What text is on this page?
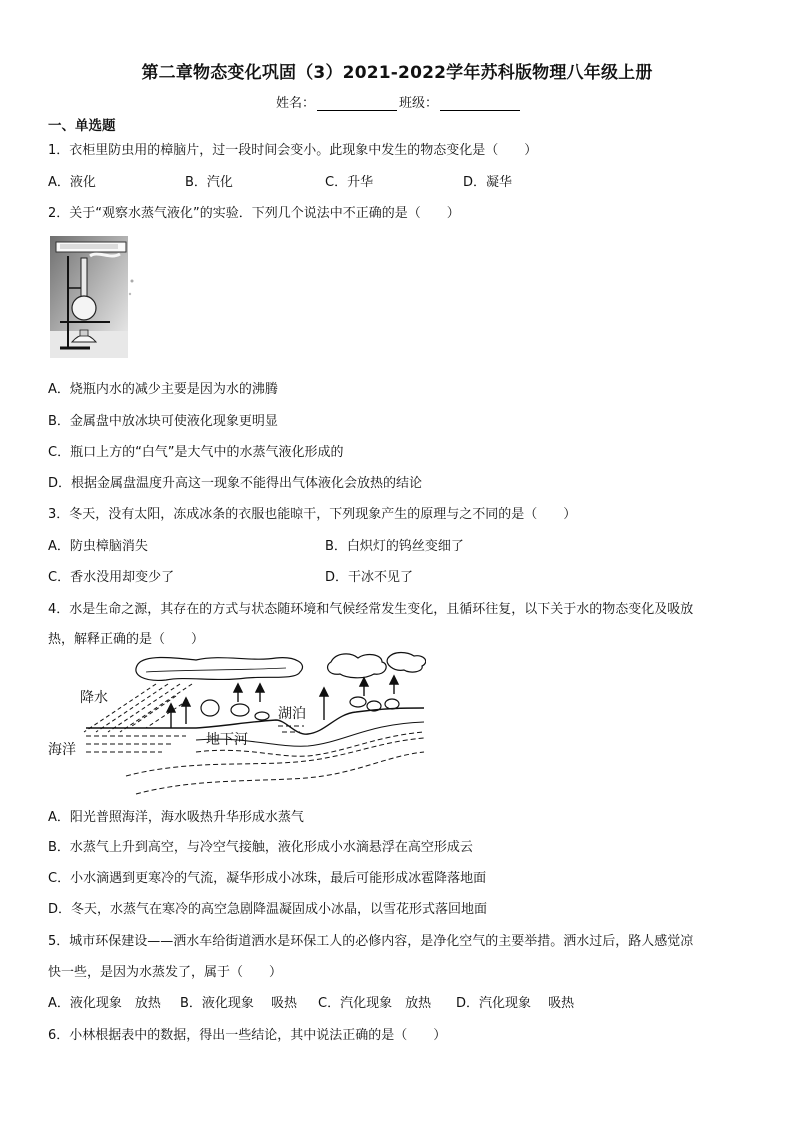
第二章物态变化巩固（3）2021-2022学年苏科版物理八年级上册
姓名：	班级：
一、单选题
1．衣柜里防虫用的樟脑片，过一段时间会变小。此现象中发生的物态变化是（　　）
A．液化	B．汽化	C．升华	D．凝华
2．关于“观察水蒸气液化”的实验．下列几个说法中不正确的是（　　）
A．烧瓶内水的减少主要是因为水的沸腾
B．金属盘中放冰块可使液化现象更明显
C．瓶口上方的“白气”是大气中的水蒸气液化形成的
D．根据金属盘温度升高这一现象不能得出气体液化会放热的结论
3．冬天，没有太阳，冻成冰条的衣服也能晾干，下列现象产生的原理与之不同的是（　　）
A．防虫樟脑消失	B．白炽灯的钨丝变细了
C．香水没用却变少了	D．干冰不见了
4．水是生命之源，其存在的方式与状态随环境和气候经常发生变化，且循环往复，以下关于水的物态变化及吸放
热，解释正确的是（　　）
降水
海洋
湖泊
地下河
A．阳光普照海洋，海水吸热升华形成水蒸气
B．水蒸气上升到高空，与冷空气接触，液化形成小水滴悬浮在高空形成云
C．小水滴遇到更寒冷的气流，凝华形成小冰珠，最后可能形成冰雹降落地面
D．冬天，水蒸气在寒冷的高空急剧降温凝固成小冰晶，以雪花形式落回地面
5．城市环保建设——洒水车给街道洒水是环保工人的必修内容，是净化空气的主要举措。洒水过后，路人感觉凉
快一些，是因为水蒸发了，属于（　　）
A．液化现象　放热 B．液化现象　 吸热 C．汽化现象　放热 D．汽化现象　 吸热
6．小林根据表中的数据，得出一些结论，其中说法正确的是（　　）
